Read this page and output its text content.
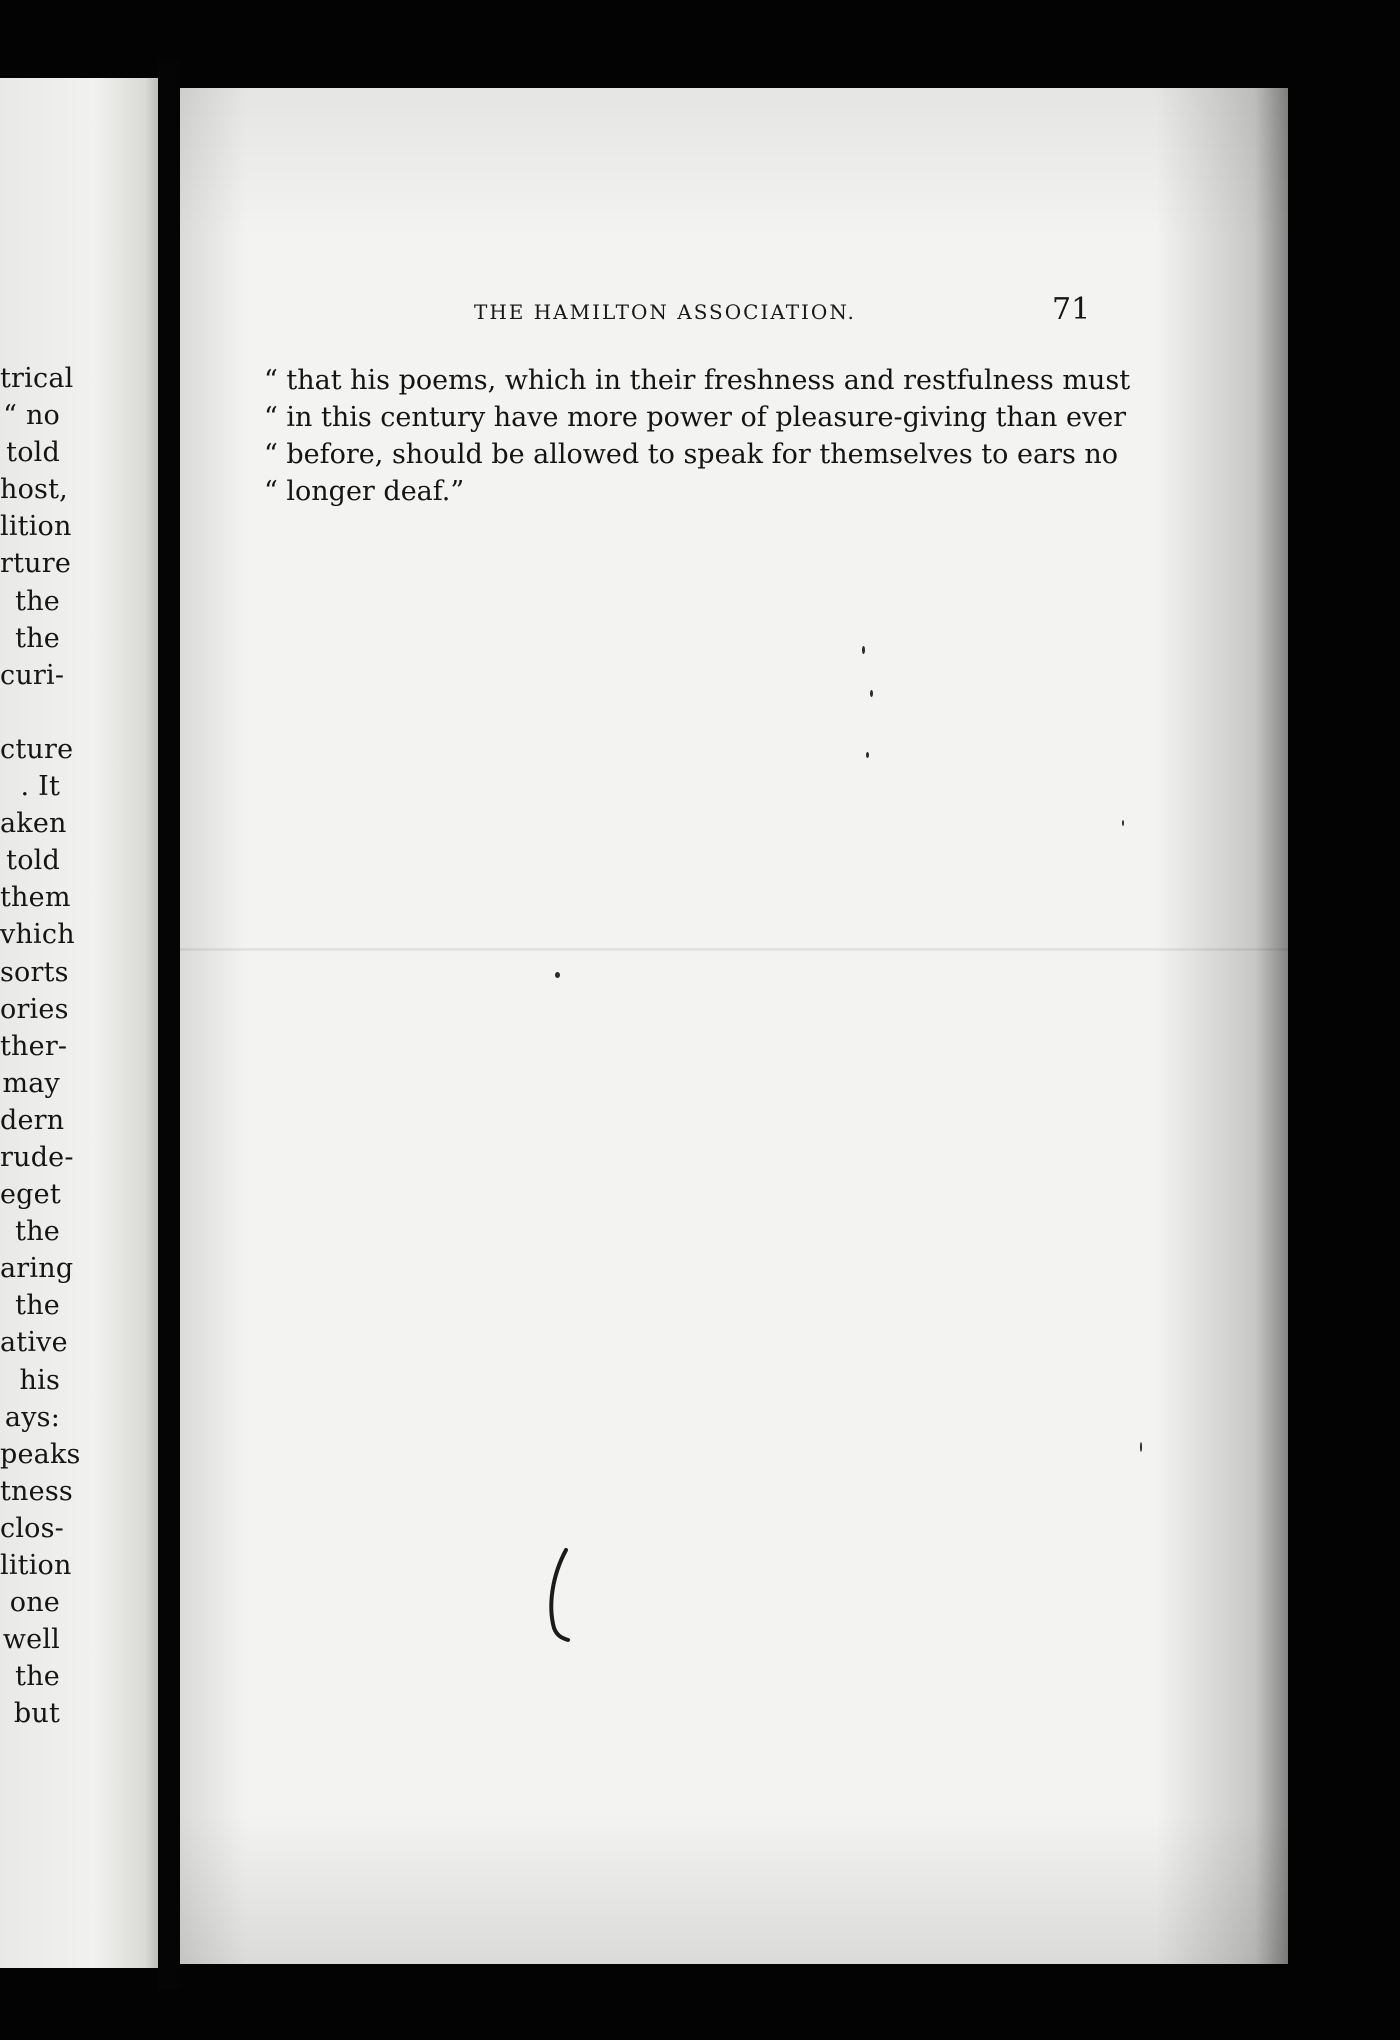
trical
“ no
told
host,
lition
rture
the
the
curi-
cture
. It
aken
told
them
vhich
sorts
ories
ther-
may
dern
rude-
eget
the
aring
the
ative
his
ays:
peaks
tness
clos-
lition
one
well
the
but
THE HAMILTON ASSOCIATION.	71
“ that his poems, which in their freshness and restfulness must
“ in this century have more power of pleasure-giving than ever
“ before, should be allowed to speak for themselves to ears no
“ longer deaf.”
